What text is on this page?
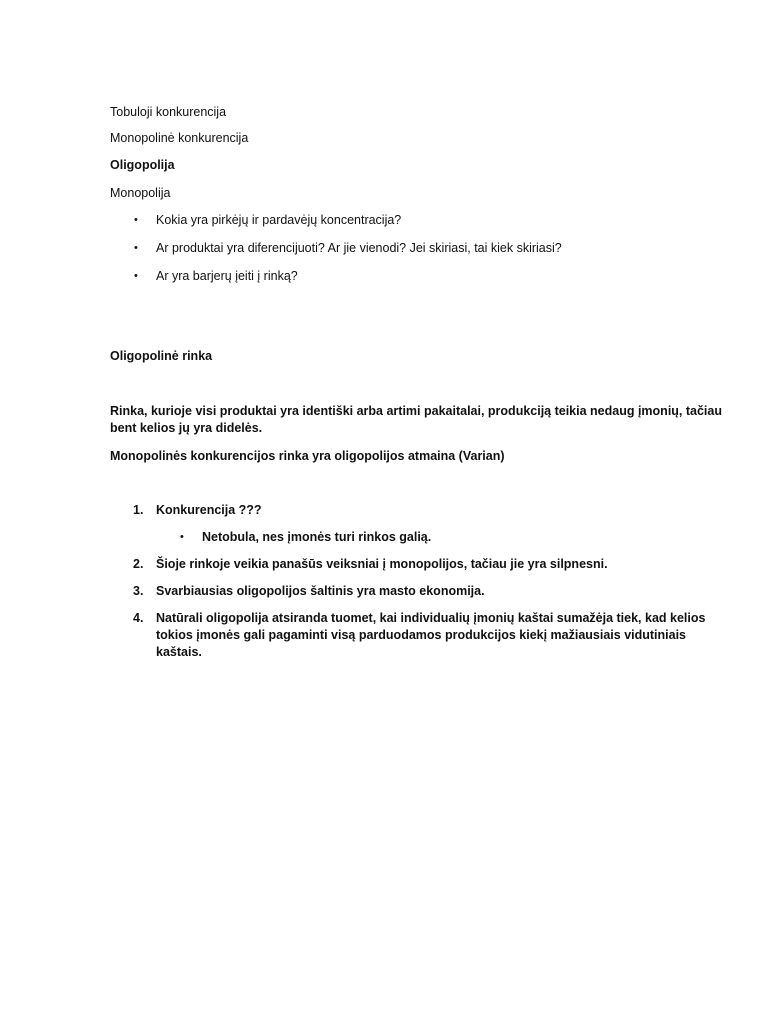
Tobuloji konkurencija
Monopolinė konkurencija
Oligopolija
Monopolija
• Kokia yra pirkėjų ir pardavėjų koncentracija?
• Ar produktai yra diferencijuoti? Ar jie vienodi? Jei skiriasi, tai kiek skiriasi?
• Ar yra barjerų įeiti į rinką?
Oligopolinė rinka
Rinka, kurioje visi produktai yra identiški arba artimi pakaitalai, produkciją teikia nedaug įmonių, tačiau bent kelios jų yra didelės.
Monopolinės konkurencijos rinka yra oligopolijos atmaina (Varian)
1. Konkurencija ???
• Netobula, nes įmonės turi rinkos galią.
2. Šioje rinkoje veikia panašūs veiksniai į monopolijos, tačiau jie yra silpnesni.
3. Svarbiausias oligopolijos šaltinis yra masto ekonomija.
4. Natūrali oligopolija atsiranda tuomet, kai individualių įmonių kaštai sumažėja tiek, kad kelios tokios įmonės gali pagaminti visą parduodamos produkcijos kiekį mažiausiais vidutiniais kaštais.
